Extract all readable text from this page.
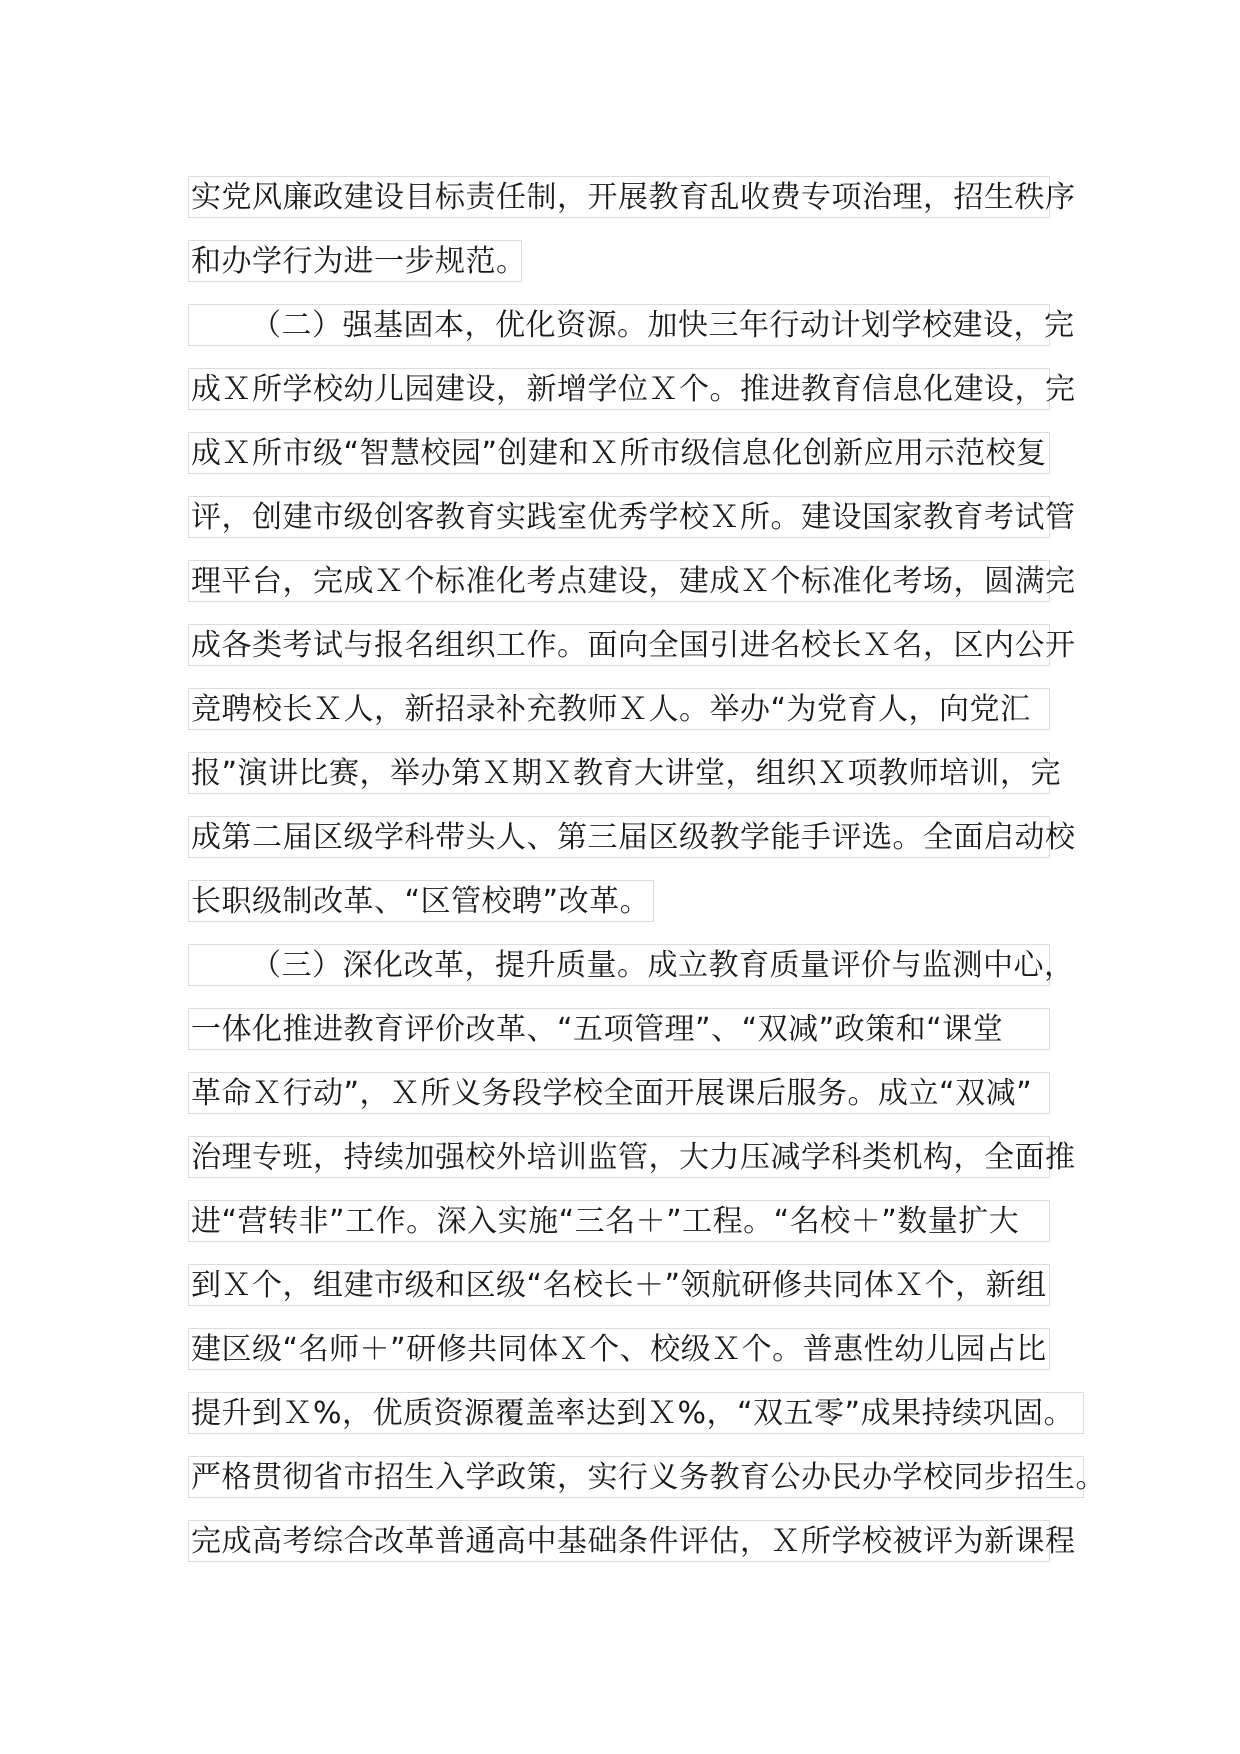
实党风廉政建设目标责任制，开展教育乱收费专项治理，招生秩序
和办学行为进一步规范。
（二）强基固本，优化资源。加快三年行动计划学校建设，完
成Ｘ所学校幼儿园建设，新增学位Ｘ个。推进教育信息化建设，完
成Ｘ所市级“智慧校园”创建和Ｘ所市级信息化创新应用示范校复
评，创建市级创客教育实践室优秀学校Ｘ所。建设国家教育考试管
理平台，完成Ｘ个标准化考点建设，建成Ｘ个标准化考场，圆满完
成各类考试与报名组织工作。面向全国引进名校长Ｘ名，区内公开
竞聘校长Ｘ人，新招录补充教师Ｘ人。举办“为党育人，向党汇
报”演讲比赛，举办第Ｘ期Ｘ教育大讲堂，组织Ｘ项教师培训，完
成第二届区级学科带头人、第三届区级教学能手评选。全面启动校
长职级制改革、“区管校聘”改革。
（三）深化改革，提升质量。成立教育质量评价与监测中心，
一体化推进教育评价改革、“五项管理”、“双减”政策和“课堂
革命Ｘ行动”，Ｘ所义务段学校全面开展课后服务。成立“双减”
治理专班，持续加强校外培训监管，大力压减学科类机构，全面推
进“营转非”工作。深入实施“三名＋”工程。“名校＋”数量扩大
到Ｘ个，组建市级和区级“名校长＋”领航研修共同体Ｘ个，新组
建区级“名师＋”研修共同体Ｘ个、校级Ｘ个。普惠性幼儿园占比
提升到Ｘ%，优质资源覆盖率达到Ｘ%，“双五零”成果持续巩固。
严格贯彻省市招生入学政策，实行义务教育公办民办学校同步招生。
完成高考综合改革普通高中基础条件评估，Ｘ所学校被评为新课程
